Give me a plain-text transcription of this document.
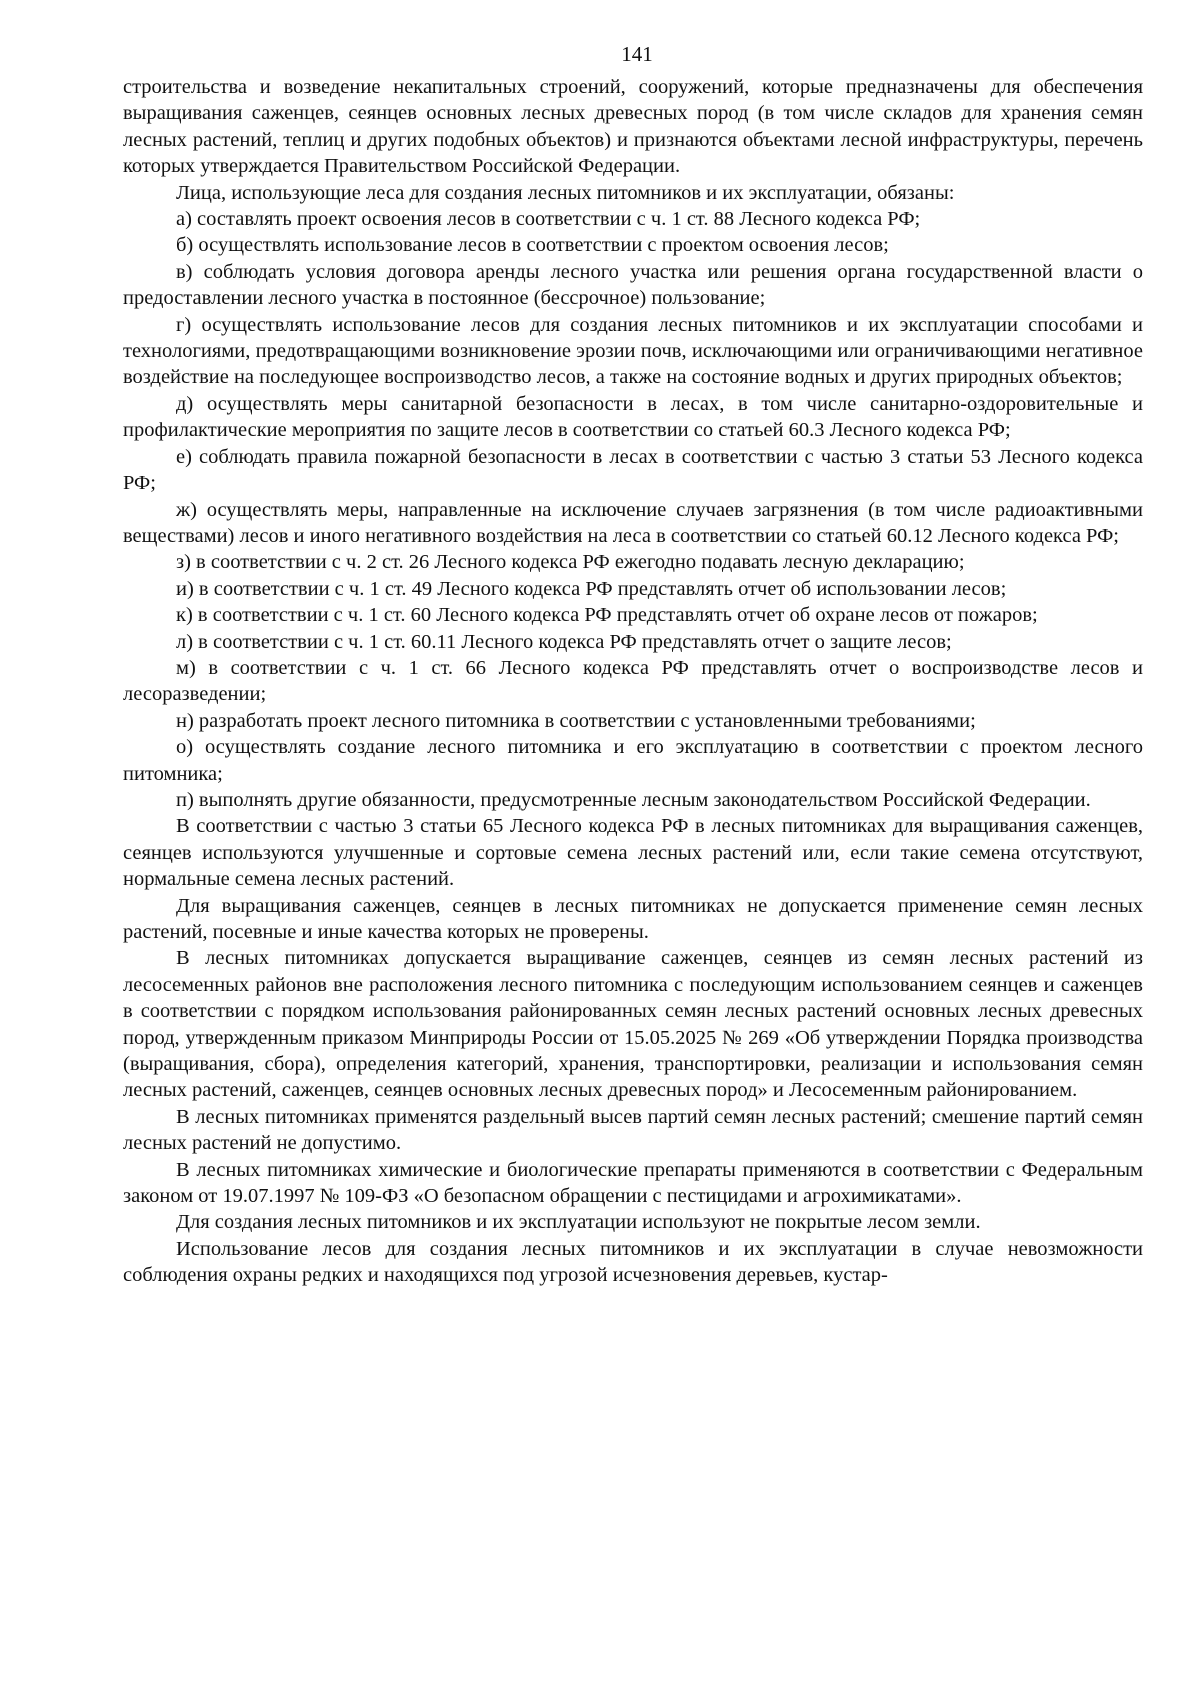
141

строительства и возведение некапитальных строений, сооружений, которые предназначены для обеспечения выращивания саженцев, сеянцев основных лесных древесных пород (в том числе складов для хранения семян лесных растений, теплиц и других подобных объектов) и признаются объектами лесной инфраструктуры, перечень которых утверждается Правительством Российской Федерации.

Лица, использующие леса для создания лесных питомников и их эксплуатации, обязаны:

а) составлять проект освоения лесов в соответствии с ч. 1 ст. 88 Лесного кодекса РФ;

б) осуществлять использование лесов в соответствии с проектом освоения лесов;

в) соблюдать условия договора аренды лесного участка или решения органа государственной власти о предоставлении лесного участка в постоянное (бессрочное) пользование;

г) осуществлять использование лесов для создания лесных питомников и их эксплуатации способами и технологиями, предотвращающими возникновение эрозии почв, исключающими или ограничивающими негативное воздействие на последующее воспроизводство лесов, а также на состояние водных и других природных объектов;

д) осуществлять меры санитарной безопасности в лесах, в том числе санитарно-оздоровительные и профилактические мероприятия по защите лесов в соответствии со статьей 60.3 Лесного кодекса РФ;

е) соблюдать правила пожарной безопасности в лесах в соответствии с частью 3 статьи 53 Лесного кодекса РФ;

ж) осуществлять меры, направленные на исключение случаев загрязнения (в том числе радиоактивными веществами) лесов и иного негативного воздействия на леса в соответствии со статьей 60.12 Лесного кодекса РФ;

з) в соответствии с ч. 2 ст. 26 Лесного кодекса РФ ежегодно подавать лесную декларацию;

и) в соответствии с ч. 1 ст. 49 Лесного кодекса РФ представлять отчет об использовании лесов;

к) в соответствии с ч. 1 ст. 60 Лесного кодекса РФ представлять отчет об охране лесов от пожаров;

л) в соответствии с ч. 1 ст. 60.11 Лесного кодекса РФ представлять отчет о защите лесов;

м) в соответствии с ч. 1 ст. 66 Лесного кодекса РФ представлять отчет о воспроизводстве лесов и лесоразведении;

н) разработать проект лесного питомника в соответствии с установленными требованиями;

о) осуществлять создание лесного питомника и его эксплуатацию в соответствии с проектом лесного питомника;

п) выполнять другие обязанности, предусмотренные лесным законодательством Российской Федерации.

В соответствии с частью 3 статьи 65 Лесного кодекса РФ в лесных питомниках для выращивания саженцев, сеянцев используются улучшенные и сортовые семена лесных растений или, если такие семена отсутствуют, нормальные семена лесных растений.

Для выращивания саженцев, сеянцев в лесных питомниках не допускается применение семян лесных растений, посевные и иные качества которых не проверены.

В лесных питомниках допускается выращивание саженцев, сеянцев из семян лесных растений из лесосеменных районов вне расположения лесного питомника с последующим использованием сеянцев и саженцев в соответствии с порядком использования районированных семян лесных растений основных лесных древесных пород, утвержденным приказом Минприроды России от 15.05.2025 № 269 «Об утверждении Порядка производства (выращивания, сбора), определения категорий, хранения, транспортировки, реализации и использования семян лесных растений, саженцев, сеянцев основных лесных древесных пород» и Лесосеменным районированием.

В лесных питомниках применятся раздельный высев партий семян лесных растений; смешение партий семян лесных растений не допустимо.

В лесных питомниках химические и биологические препараты применяются в соответствии с Федеральным законом от 19.07.1997 № 109-ФЗ «О безопасном обращении с пестицидами и агрохимикатами».

Для создания лесных питомников и их эксплуатации используют не покрытые лесом земли.

Использование лесов для создания лесных питомников и их эксплуатации в случае невозможности соблюдения охраны редких и находящихся под угрозой исчезновения деревьев, кустар-
